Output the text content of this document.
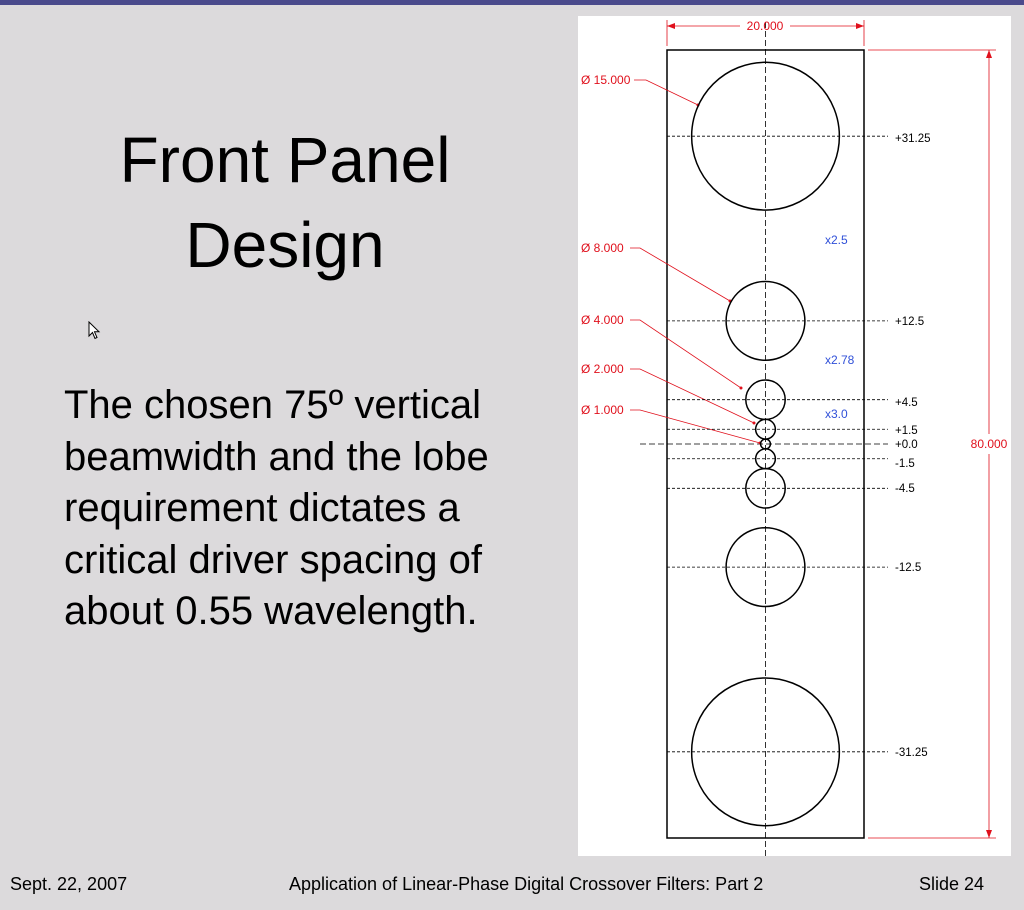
Front Panel
Design
The chosen 75º vertical beamwidth and the lobe requirement dictates a critical driver spacing of about 0.55 wavelength.
20.000
80.000
+31.25
+12.5
+4.5
+1.5
+0.0
-1.5
-4.5
-12.5
-31.25
x2.5
x2.78
x3.0
Ø 15.000
Ø 8.000
Ø 4.000
Ø 2.000
Ø 1.000
Sept. 22, 2007	Application of Linear-Phase Digital Crossover Filters: Part 2	Slide 24
